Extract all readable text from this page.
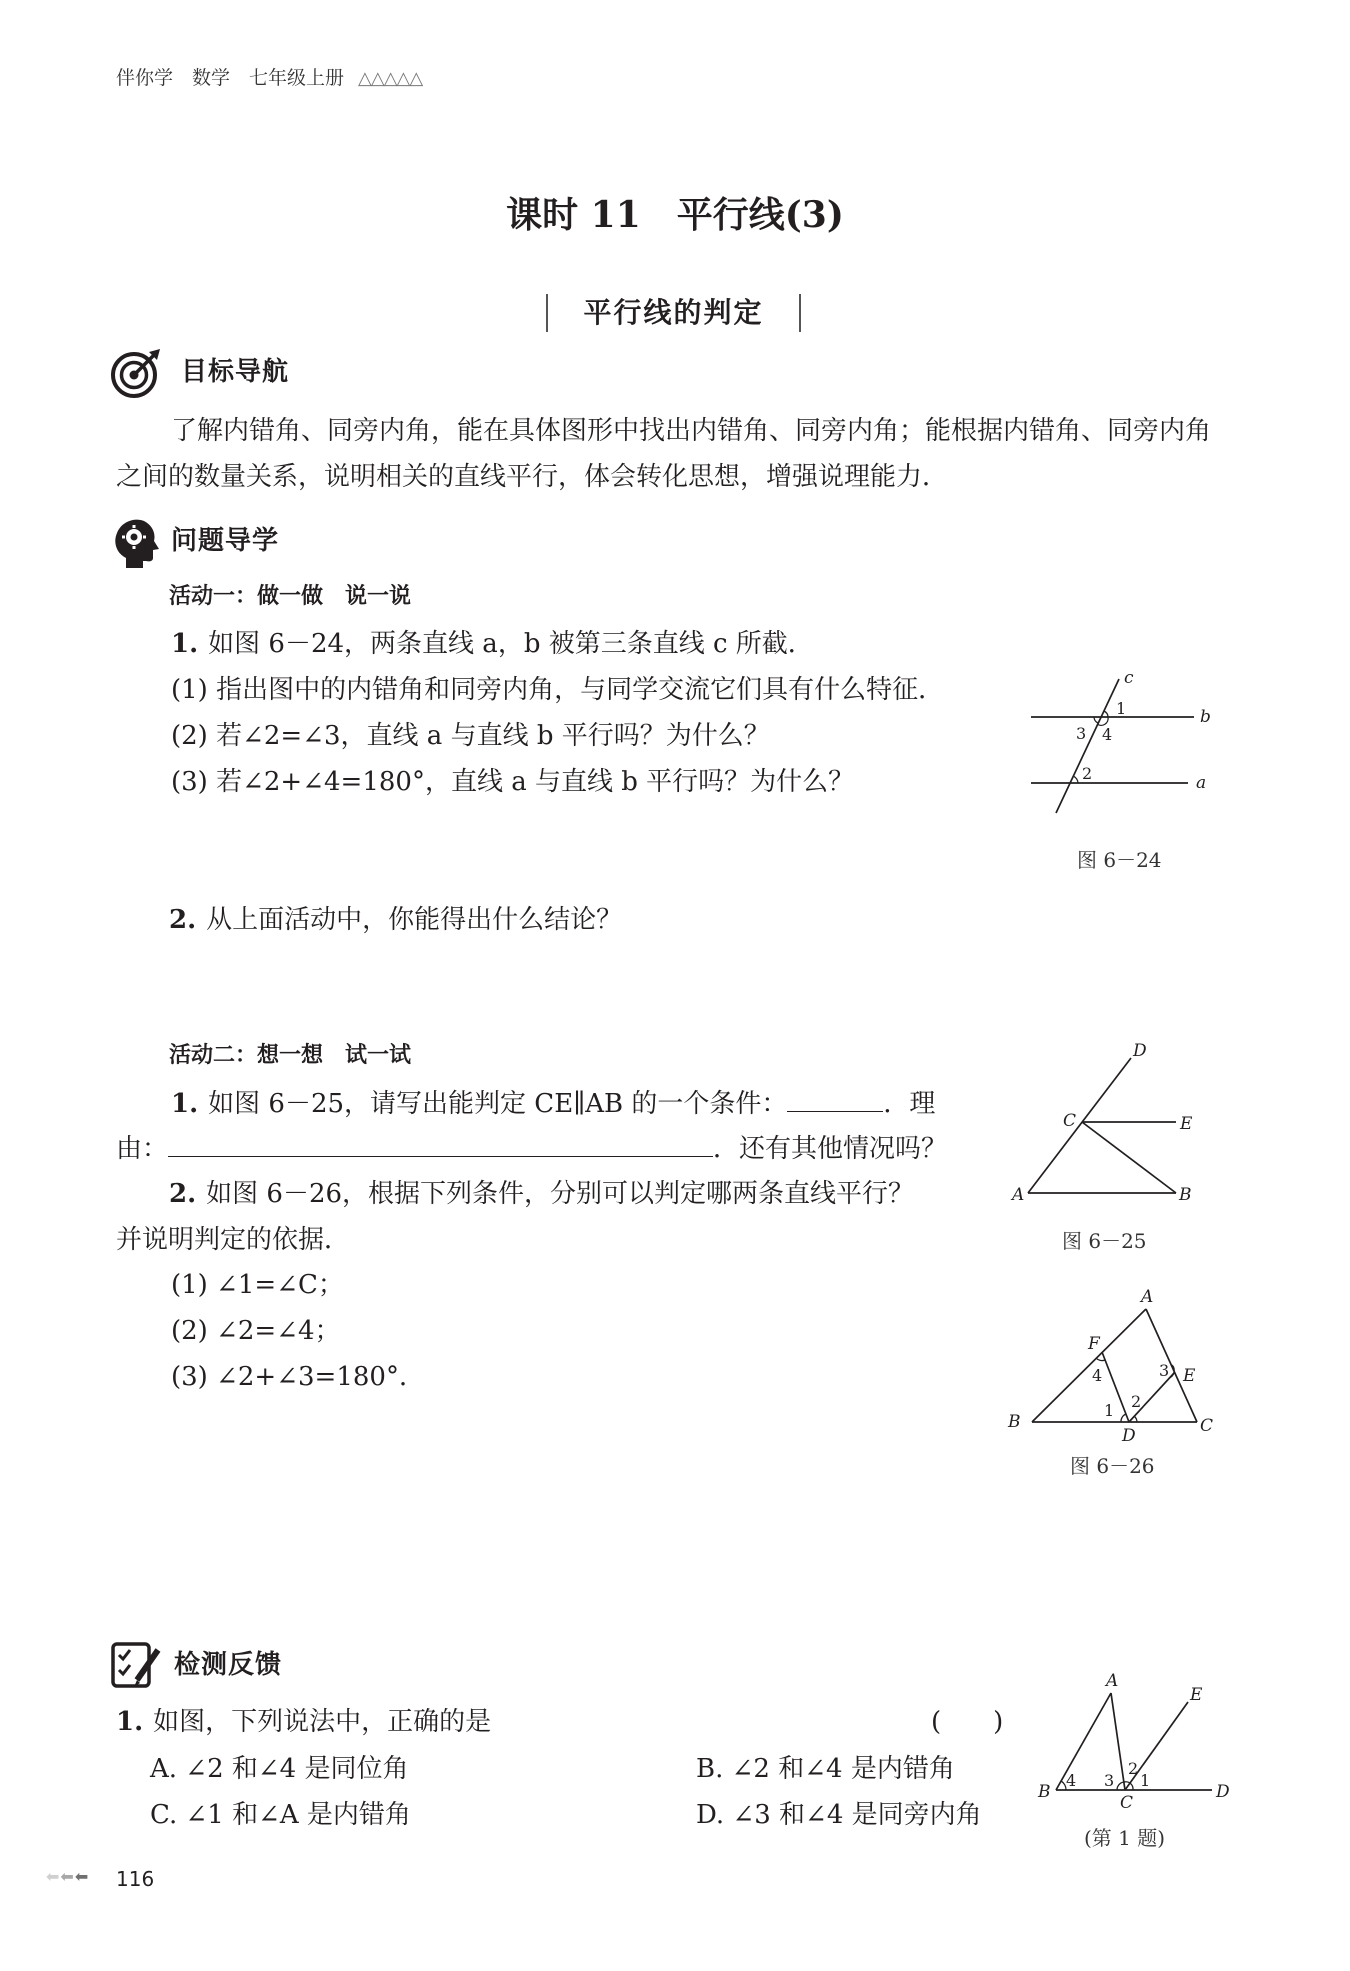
伴你学　数学　七年级上册 △△△△△
课时 11　平行线(3)
平行线的判定
目标导航
了解内错角、同旁内角，能在具体图形中找出内错角、同旁内角；能根据内错角、同旁内角
之间的数量关系，说明相关的直线平行，体会转化思想，增强说理能力．
问题导学
活动一：做一做　说一说
1. 如图 6－24，两条直线 a，b 被第三条直线 c 所截．
(1) 指出图中的内错角和同旁内角，与同学交流它们具有什么特征．
(2) 若∠2=∠3，直线 a 与直线 b 平行吗？为什么？
(3) 若∠2+∠4=180°，直线 a 与直线 b 平行吗？为什么？
c
b
a
1
3 4
2
图 6－24
2. 从上面活动中，你能得出什么结论？
活动二：想一想　试一试
1. 如图 6－25，请写出能判定 CE∥AB 的一个条件：	．理
由：	．还有其他情况吗？
2. 如图 6－26，根据下列条件，分别可以判定哪两条直线平行？
并说明判定的依据．
(1) ∠1=∠C；
(2) ∠2=∠4；
(3) ∠2+∠3=180°．
D
C	E
A	B
图 6－25
A
B	C
F
E
D
4	3
1 2
图 6－26
检测反馈
1. 如图，下列说法中，正确的是	(　　)
A. ∠2 和∠4 是同位角	B. ∠2 和∠4 是内错角
C. ∠1 和∠A 是内错角	D. ∠3 和∠4 是同旁内角
A
E
B
C
D
4 3
2
1
(第 1 题)
⬅⬅⬅ 116
